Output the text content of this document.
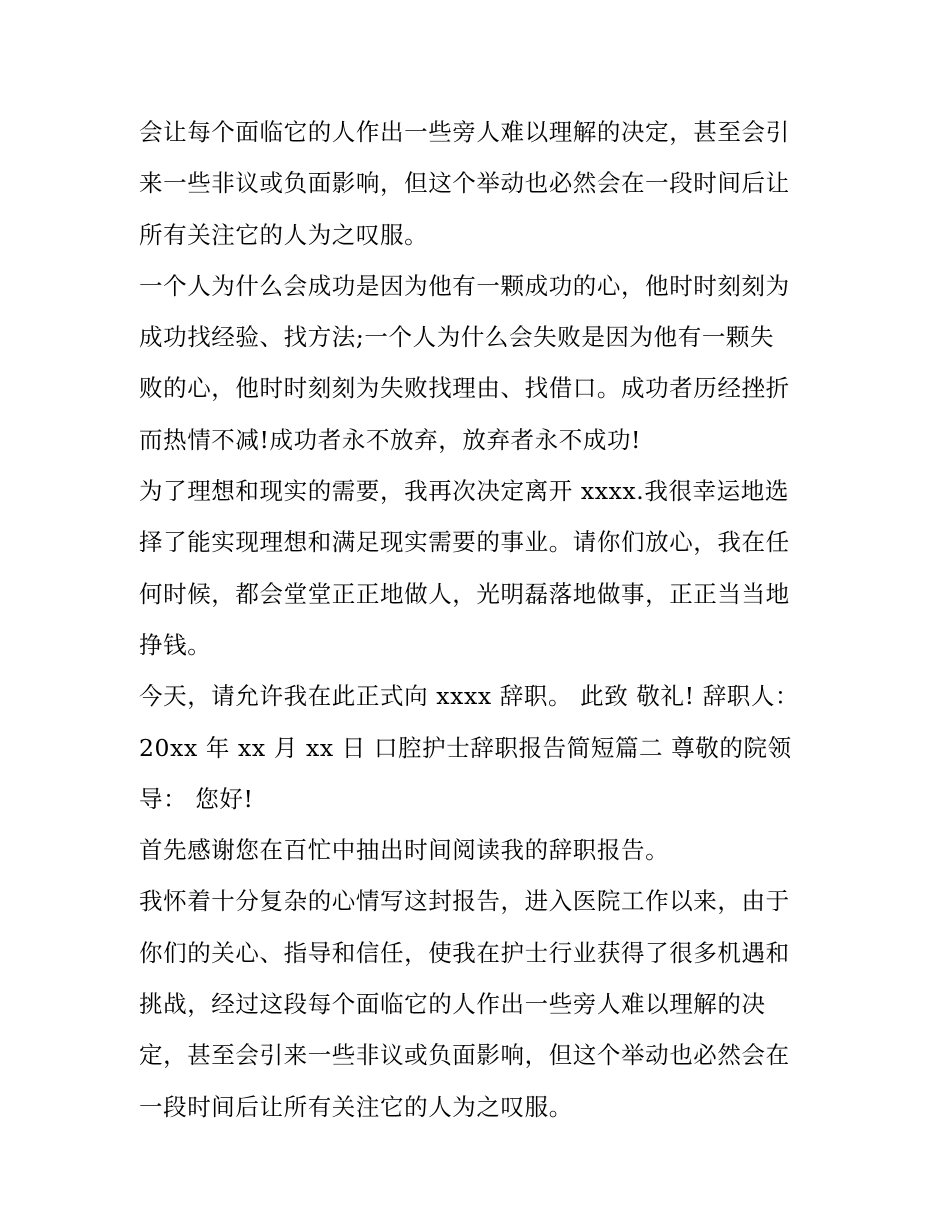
会让每个面临它的人作出一些旁人难以理解的决定，甚至会引
来一些非议或负面影响，但这个举动也必然会在一段时间后让
所有关注它的人为之叹服。
一个人为什么会成功是因为他有一颗成功的心，他时时刻刻为
成功找经验、找方法;一个人为什么会失败是因为他有一颗失
败的心，他时时刻刻为失败找理由、找借口。成功者历经挫折
而热情不减!成功者永不放弃，放弃者永不成功!
为了理想和现实的需要，我再次决定离开 xxxx.我很幸运地选
择了能实现理想和满足现实需要的事业。请你们放心，我在任
何时候，都会堂堂正正地做人，光明磊落地做事，正正当当地
挣钱。
今天，请允许我在此正式向 xxxx 辞职。 此致 敬礼! 辞职人：
20xx 年 xx 月 xx 日 口腔护士辞职报告简短篇二 尊敬的院领
导： 您好!
首先感谢您在百忙中抽出时间阅读我的辞职报告。
我怀着十分复杂的心情写这封报告，进入医院工作以来，由于
你们的关心、指导和信任，使我在护士行业获得了很多机遇和
挑战，经过这段每个面临它的人作出一些旁人难以理解的决
定，甚至会引来一些非议或负面影响，但这个举动也必然会在
一段时间后让所有关注它的人为之叹服。
